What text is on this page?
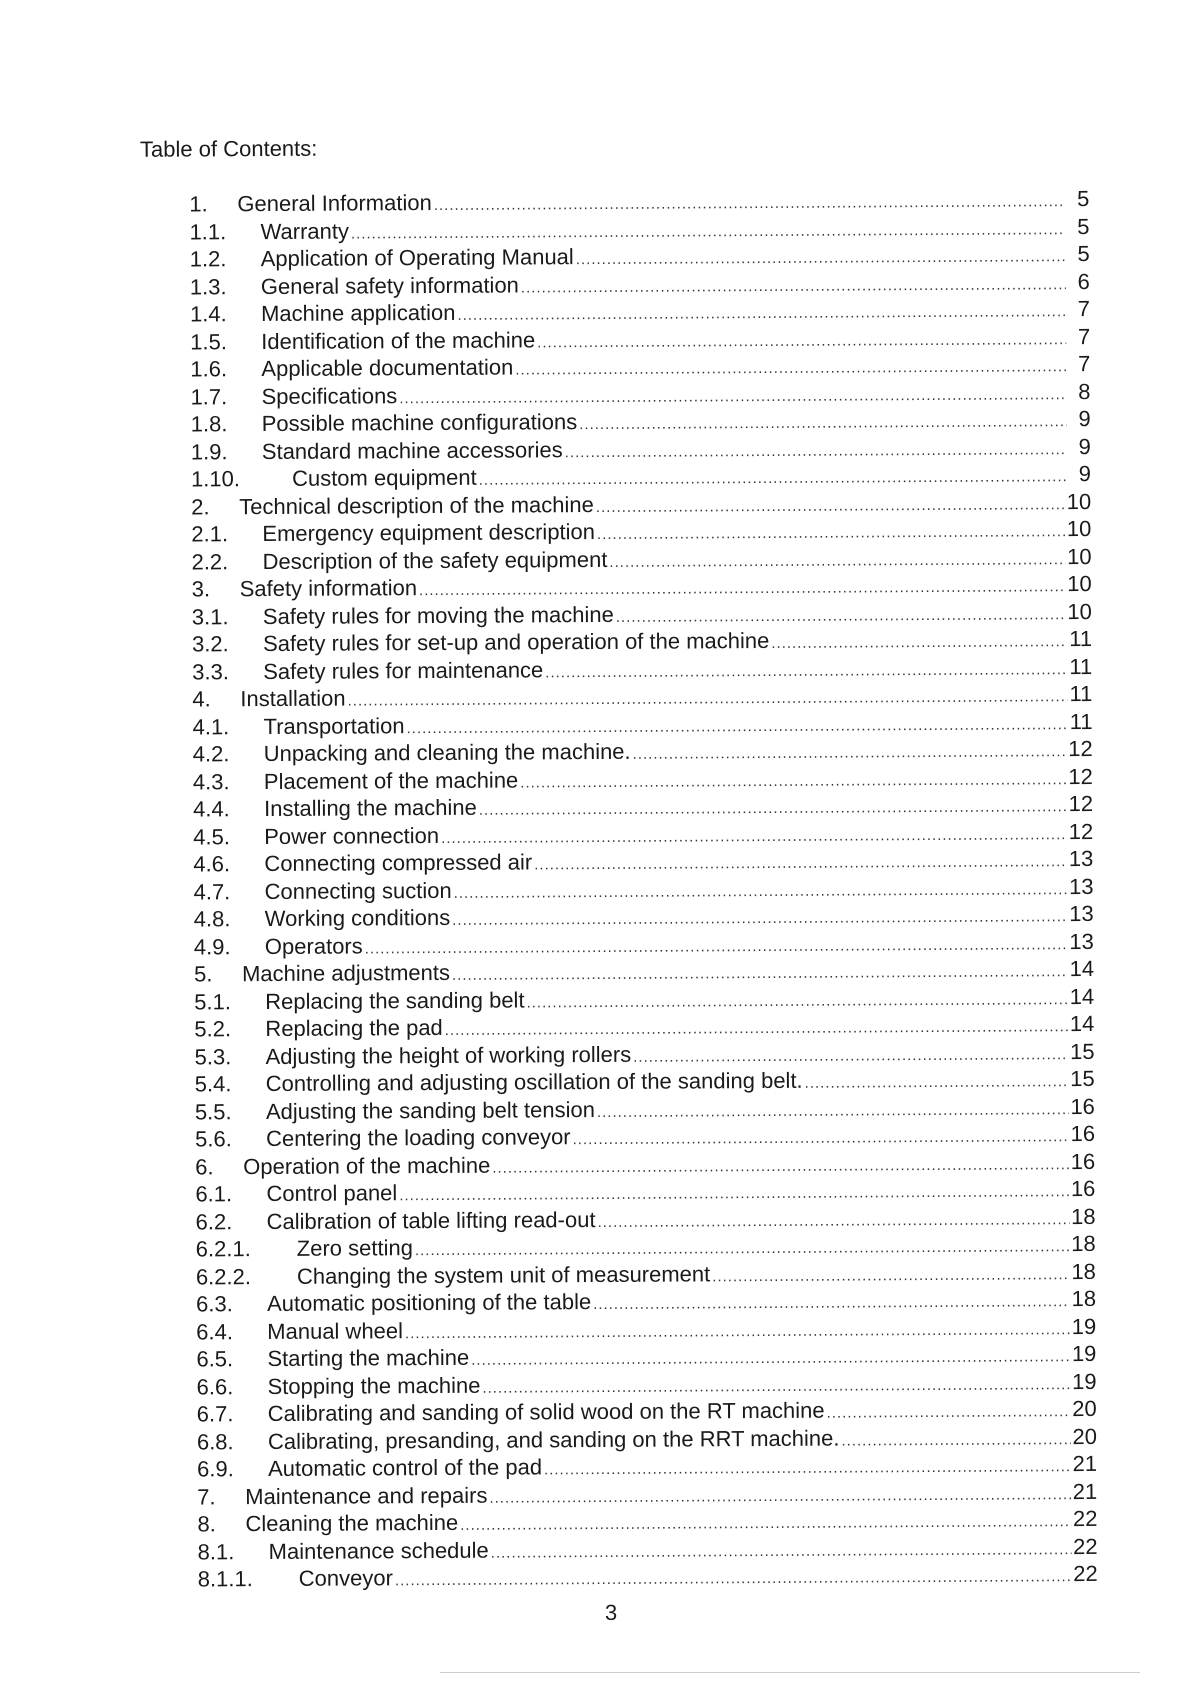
Table of Contents:
1.	General Information .....	5
1.1.	Warranty .....	5
1.2.	Application of Operating Manual .....	5
1.3.	General safety information .....	6
1.4.	Machine application .....	7
1.5.	Identification of the machine .....	7
1.6.	Applicable documentation .....	7
1.7.	Specifications .....	8
1.8.	Possible machine configurations .....	9
1.9.	Standard machine accessories .....	9
1.10.	Custom equipment .....	9
2.	Technical description of the machine .....	10
2.1.	Emergency equipment description .....	10
2.2.	Description of the safety equipment .....	10
3.	Safety information .....	10
3.1.	Safety rules for moving the machine .....	10
3.2.	Safety rules for set-up and operation of the machine .....	11
3.3.	Safety rules for maintenance .....	11
4.	Installation .....	11
4.1.	Transportation .....	11
4.2.	Unpacking and cleaning the machine. .....	12
4.3.	Placement of the machine .....	12
4.4.	Installing the machine .....	12
4.5.	Power connection .....	12
4.6.	Connecting compressed air .....	13
4.7.	Connecting suction .....	13
4.8.	Working conditions .....	13
4.9.	Operators .....	13
5.	Machine adjustments .....	14
5.1.	Replacing the sanding belt .....	14
5.2.	Replacing the pad .....	14
5.3.	Adjusting the height of working rollers .....	15
5.4.	Controlling and adjusting oscillation of the sanding belt. .....	15
5.5.	Adjusting the sanding belt tension .....	16
5.6.	Centering the loading conveyor .....	16
6.	Operation of the machine .....	16
6.1.	Control panel .....	16
6.2.	Calibration of table lifting read-out .....	18
6.2.1.	Zero setting .....	18
6.2.2.	Changing the system unit of measurement .....	18
6.3.	Automatic positioning of the table .....	18
6.4.	Manual wheel .....	19
6.5.	Starting the machine .....	19
6.6.	Stopping the machine .....	19
6.7.	Calibrating and sanding of solid wood on the RT machine .....	20
6.8.	Calibrating, presanding, and sanding on the RRT machine. .....	20
6.9.	Automatic control of the pad .....	21
7.	Maintenance and repairs .....	21
8.	Cleaning the machine .....	22
8.1.	Maintenance schedule .....	22
8.1.1.	Conveyor .....	22
3
